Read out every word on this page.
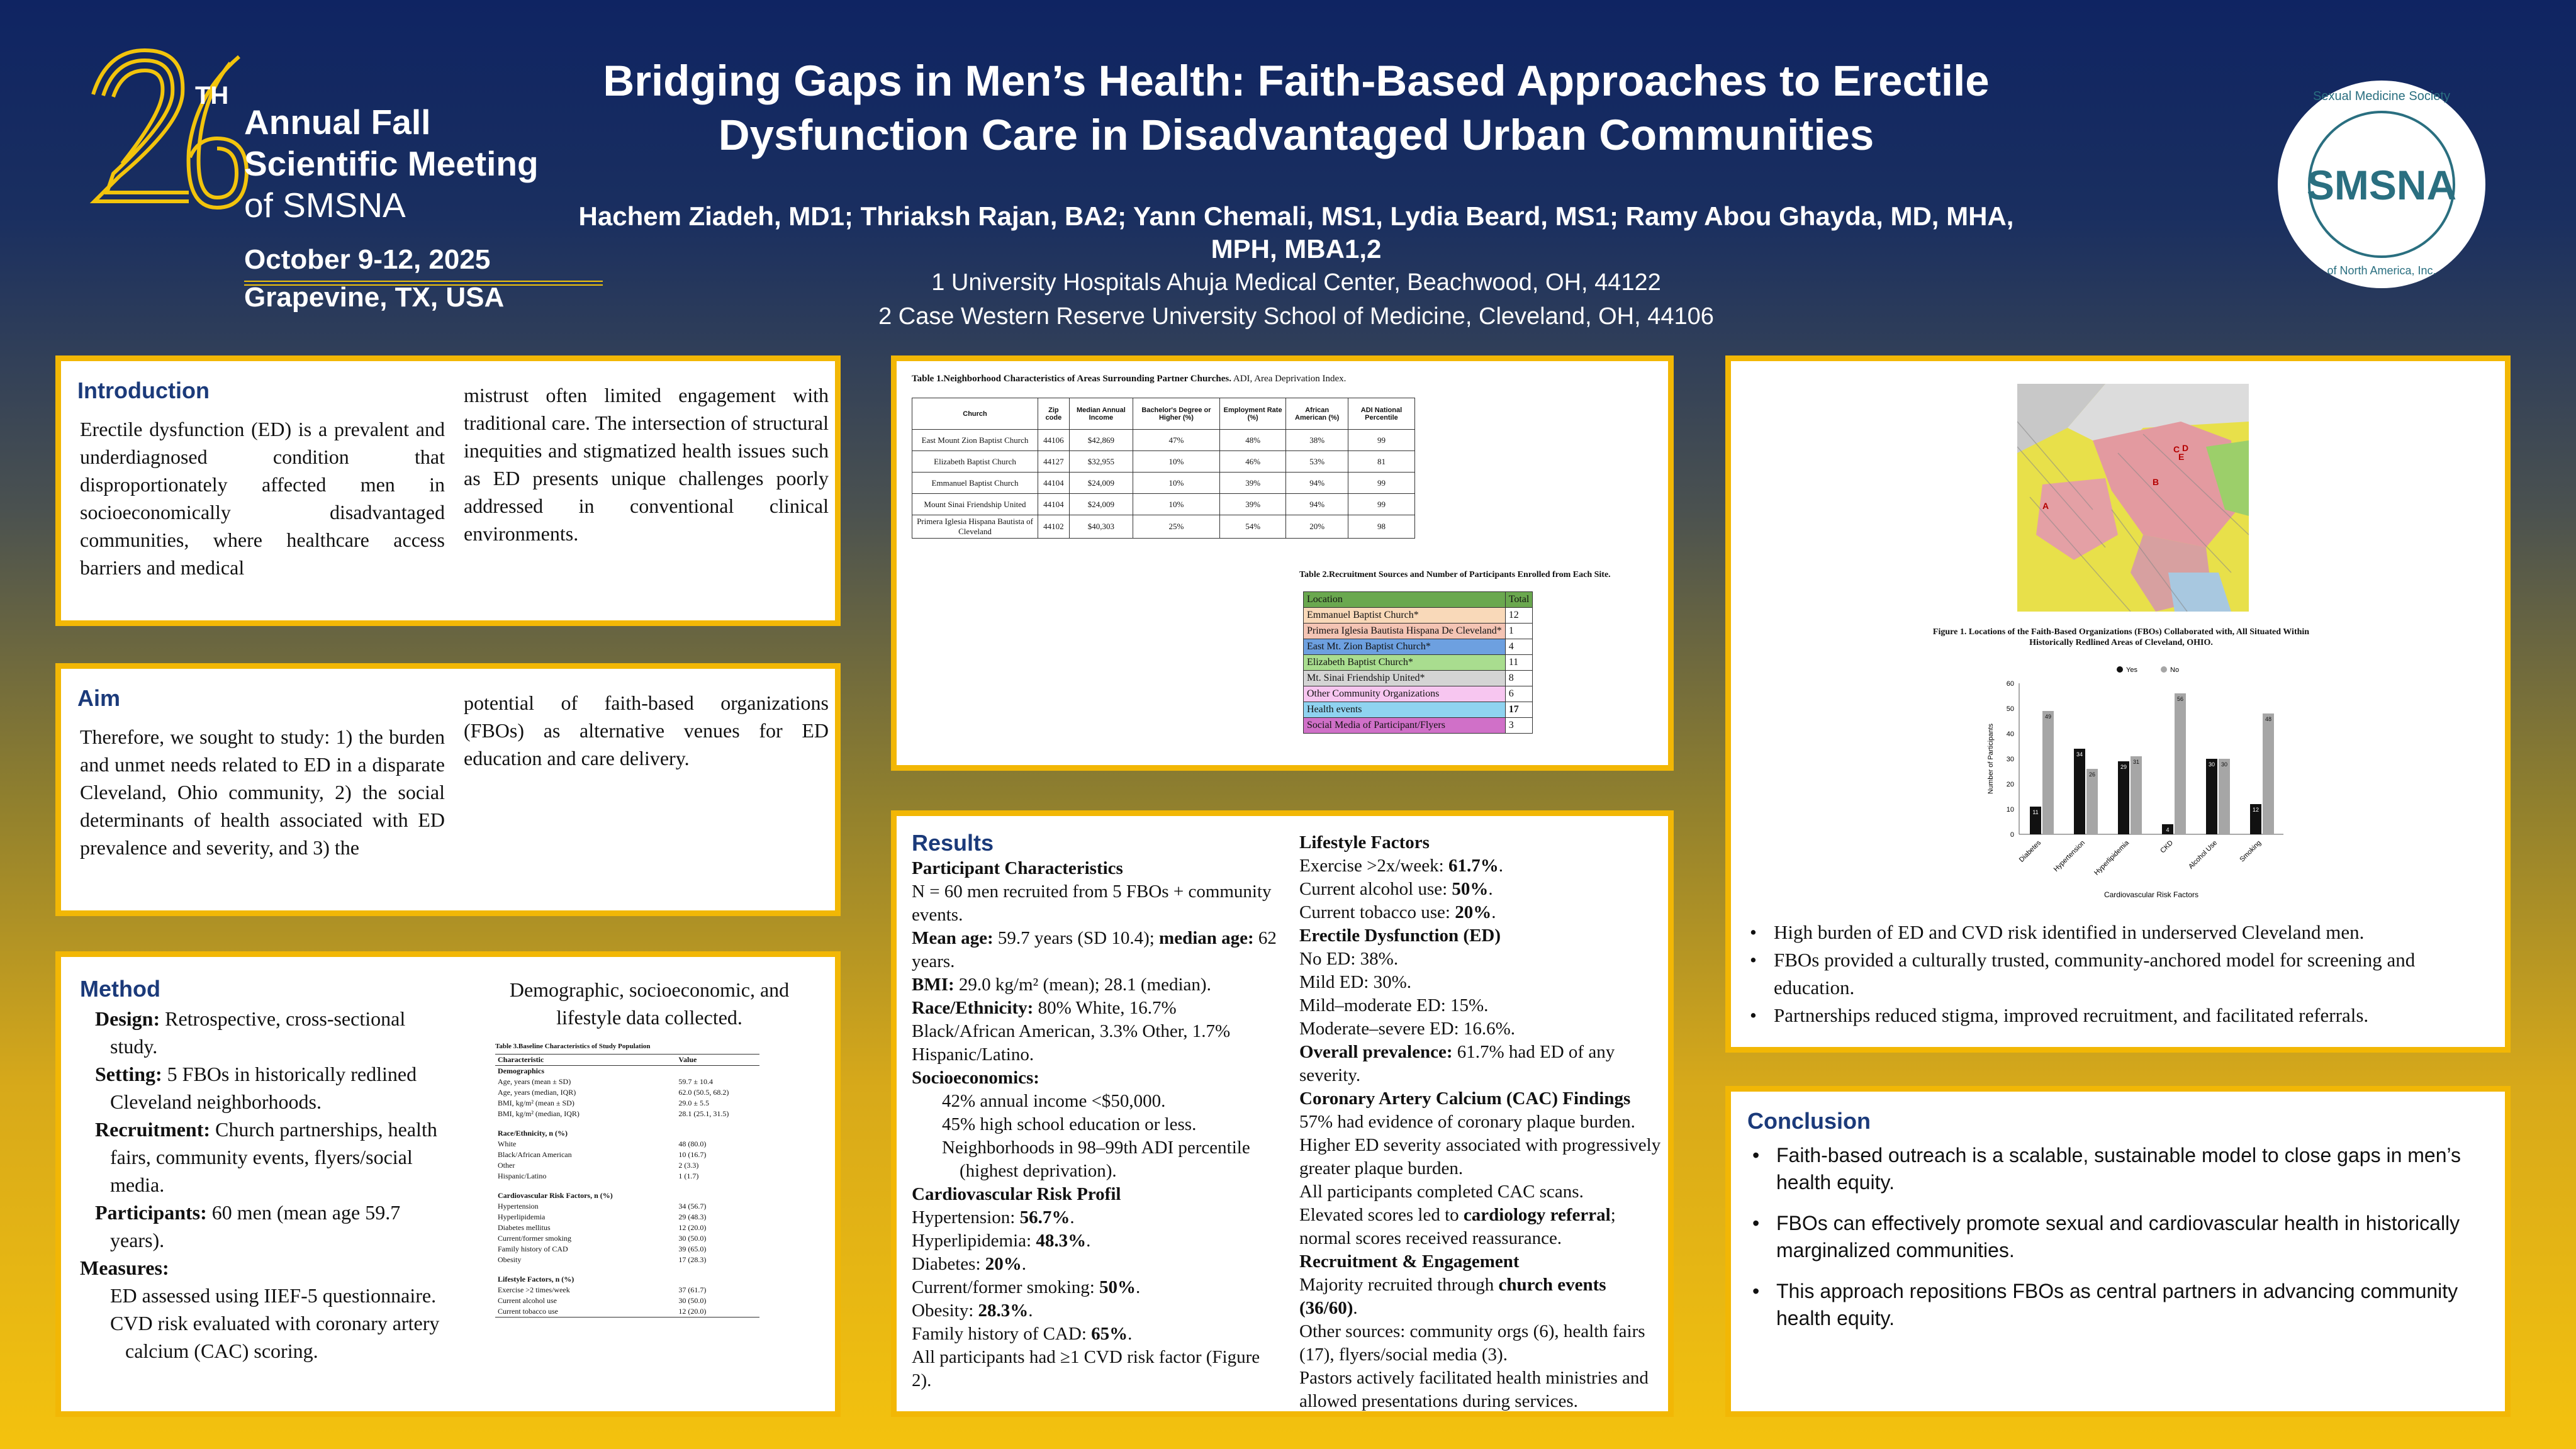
TH
Annual Fall
Scientific Meeting
of SMSNA
October 9-12, 2025
Grapevine, TX, USA
Bridging Gaps in Men’s Health: Faith-Based Approaches to Erectile
Dysfunction Care in Disadvantaged Urban Communities
Hachem Ziadeh, MD1; Thriaksh Rajan, BA2; Yann Chemali, MS1, Lydia Beard, MS1; Ramy Abou Ghayda, MD, MHA,
MPH, MBA1,2
1 University Hospitals Ahuja Medical Center, Beachwood, OH, 44122
2 Case Western Reserve University School of Medicine, Cleveland, OH, 44106
Sexual Medicine Society
SMSNA
of North America, Inc.
Introduction
Erectile dysfunction (ED) is a prevalent and underdiagnosed condition that disproportionately affected men in socioeconomically disadvantaged communities, where healthcare access barriers and medical
mistrust often limited engagement with traditional care. The intersection of structural inequities and stigmatized health issues such as ED presents unique challenges poorly addressed in conventional clinical environments.
Aim
Therefore, we sought to study: 1) the burden and unmet needs related to ED in a disparate Cleveland, Ohio community, 2) the social determinants of health associated with ED prevalence and severity, and 3) the
potential of faith-based organizations (FBOs) as alternative venues for ED education and care delivery.
Method
Design: Retrospective, cross-sectional study.
Setting: 5 FBOs in historically redlined Cleveland neighborhoods.
Recruitment: Church partnerships, health fairs, community events, flyers/social media.
Participants: 60 men (mean age 59.7 years).
Measures:
ED assessed using IIEF-5 questionnaire.
CVD risk evaluated with coronary artery calcium (CAC) scoring.
Demographic, socioeconomic, and lifestyle data collected.
Table 3.Baseline Characteristics of Study Population
Characteristic	Value
Demographics	
Age, years (mean ± SD)	59.7 ± 10.4
Age, years (median, IQR)	62.0 (50.5, 68.2)
BMI, kg/m² (mean ± SD)	29.0 ± 5.5
BMI, kg/m² (median, IQR)	28.1 (25.1, 31.5)

Race/Ethnicity, n (%)	
White	48 (80.0)
Black/African American	10 (16.7)
Other	2 (3.3)
Hispanic/Latino	1 (1.7)

Cardiovascular Risk Factors, n (%)	
Hypertension	34 (56.7)
Hyperlipidemia	29 (48.3)
Diabetes mellitus	12 (20.0)
Current/former smoking	30 (50.0)
Family history of CAD	39 (65.0)
Obesity	17 (28.3)

Lifestyle Factors, n (%)	
Exercise >2 times/week	37 (61.7)
Current alcohol use	30 (50.0)
Current tobacco use	12 (20.0)
Table 1.Neighborhood Characteristics of Areas Surrounding Partner Churches. ADI, Area Deprivation Index.
Church	Zip code	Median Annual Income	Bachelor's Degree or Higher (%)	Employment Rate (%)	African American (%)	ADI National Percentile
East Mount Zion Baptist Church	44106	$42,869	47%	48%	38%	99
Elizabeth Baptist Church	44127	$32,955	10%	46%	53%	81
Emmanuel Baptist Church	44104	$24,009	10%	39%	94%	99
Mount Sinai Friendship United	44104	$24,009	10%	39%	94%	99
Primera Iglesia Hispana Bautista of Cleveland	44102	$40,303	25%	54%	20%	98
Table 2.Recruitment Sources and Number of Participants Enrolled from Each Site.
Location	Total
Emmanuel Baptist Church*	12
Primera Iglesia Bautista Hispana De Cleveland*	1
East Mt. Zion Baptist Church*	4
Elizabeth Baptist Church*	11
Mt. Sinai Friendship United*	8
Other Community Organizations	6
Health events	17
Social Media of Participant/Flyers	3
Results
Participant Characteristics
N = 60 men recruited from 5 FBOs + community events.
Mean age: 59.7 years (SD 10.4); median age: 62 years.
BMI: 29.0 kg/m² (mean); 28.1 (median).
Race/Ethnicity: 80% White, 16.7% Black/African American, 3.3% Other, 1.7% Hispanic/Latino.
Socioeconomics:
42% annual income <$50,000.
45% high school education or less.
Neighborhoods in 98–99th ADI percentile (highest deprivation).
Cardiovascular Risk Profil
Hypertension: 56.7%.
Hyperlipidemia: 48.3%.
Diabetes: 20%.
Current/former smoking: 50%.
Obesity: 28.3%.
Family history of CAD: 65%.
All participants had ≥1 CVD risk factor (Figure 2).
Lifestyle Factors
Exercise >2x/week: 61.7%.
Current alcohol use: 50%.
Current tobacco use: 20%.
Erectile Dysfunction (ED)
No ED: 38%.
Mild ED: 30%.
Mild–moderate ED: 15%.
Moderate–severe ED: 16.6%.
Overall prevalence: 61.7% had ED of any severity.
Coronary Artery Calcium (CAC) Findings
57% had evidence of coronary plaque burden.
Higher ED severity associated with progressively greater plaque burden.
All participants completed CAC scans.
Elevated scores led to cardiology referral; normal scores received reassurance.
Recruitment & Engagement
Majority recruited through church events (36/60).
Other sources: community orgs (6), health fairs (17), flyers/social media (3).
Pastors actively facilitated health ministries and allowed presentations during services.
A
B
C D
E
Figure 1. Locations of the Faith-Based Organizations (FBOs) Collaborated with, All Situated Within Historically Redlined Areas of Cleveland, OHIO.
0
10
20
30
40
50
60
11
49
Diabetes
34
26
Hypertension
29
31
Hyperlipidemia
4
56
CKD
30 30
Alcohol Use
12
48
Smoking
Cardiovascular Risk Factors
Number of Participants
Yes	No
• High burden of ED and CVD risk identified in underserved Cleveland men.
• FBOs provided a culturally trusted, community-anchored model for screening and education.
• Partnerships reduced stigma, improved recruitment, and facilitated referrals.
Conclusion
• Faith-based outreach is a scalable, sustainable model to close gaps in men’s health equity.
• FBOs can effectively promote sexual and cardiovascular health in historically marginalized communities.
• This approach repositions FBOs as central partners in advancing community health equity.
